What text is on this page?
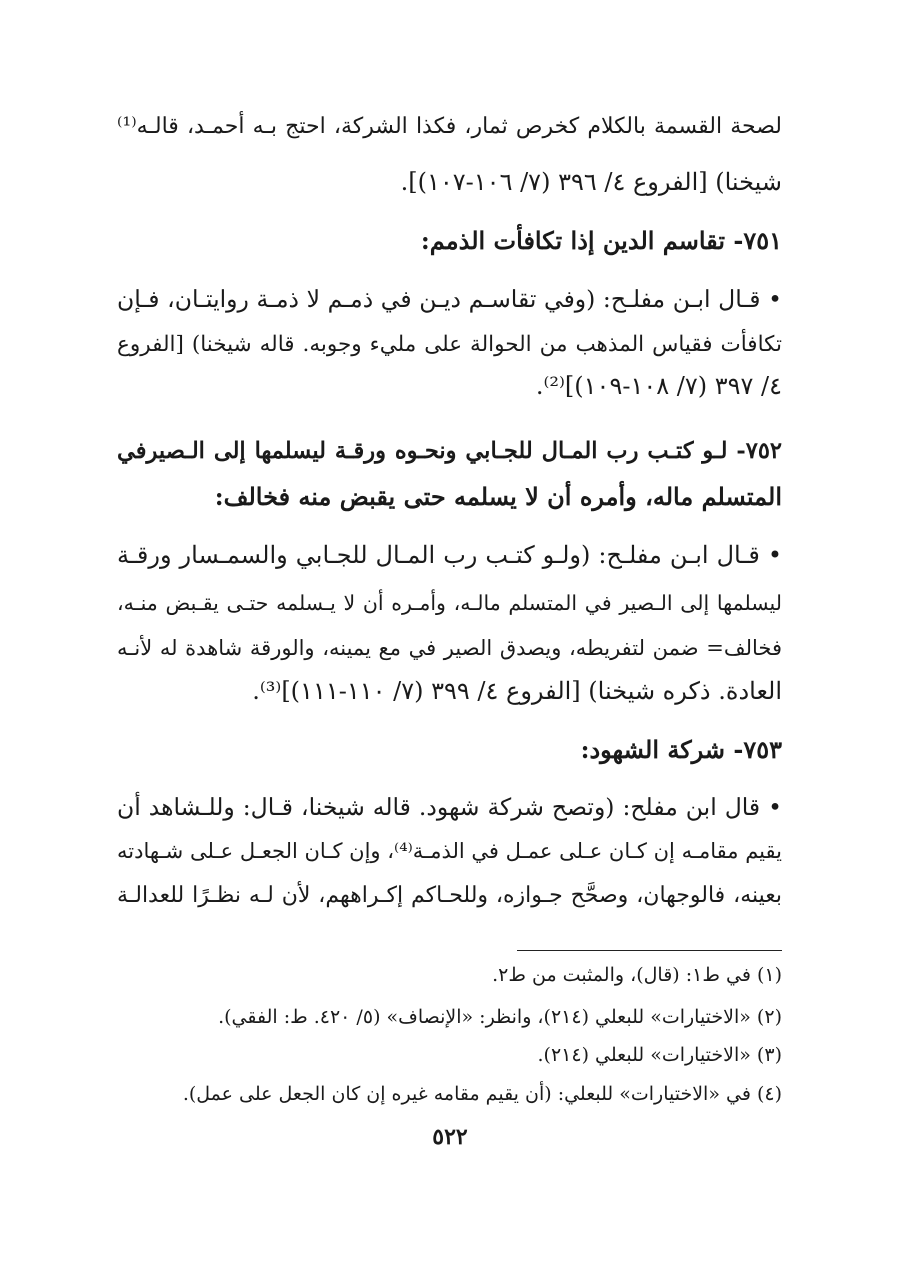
لصحة القسمة بالكلام كخرص ثمار، فكذا الشركة، احتج بـه أحمـد، قالـه⁽¹⁾
شيخنا) [الفروع ٤/ ٣٩٦ (٧/ ١٠٦-١٠٧)].
٧٥١- تقاسم الدين إذا تكافأت الذمم:
• قـال ابـن مفلـح: (وفي تقاسـم ديـن في ذمـم لا ذمـة روايتـان، فـإن
تكافأت فقياس المذهب من الحوالة على مليء وجوبه. قاله شيخنا) [الفروع
٤/ ٣٩٧ (٧/ ١٠٨-١٠٩)]⁽²⁾.
٧٥٢- لـو كتـب رب المـال للجـابي ونحـوه ورقـة ليسلمها إلى الـصيرفي
المتسلم ماله، وأمره أن لا يسلمه حتى يقبض منه فخالف:
• قـال ابـن مفلـح: (ولـو كتـب رب المـال للجـابي والسمـسار ورقـة
ليسلمها إلى الـصير في المتسلم مالـه، وأمـره أن لا يـسلمه حتـى يقـبض منـه،
فخالف= ضمن لتفريطه، ويصدق الصير في مع يمينه، والورقة شاهدة له لأنـه
العادة. ذكره شيخنا) [الفروع ٤/ ٣٩٩ (٧/ ١١٠-١١١)]⁽³⁾.
٧٥٣- شركة الشهود:
• قال ابن مفلح: (وتصح شركة شهود. قاله شيخنا، قـال: وللـشاهد أن
يقيم مقامـه إن كـان عـلى عمـل في الذمـة⁽⁴⁾، وإن كـان الجعـل عـلى شـهادته
بعينه، فالوجهان، وصحَّح جـوازه، وللحـاكم إكـراههم، لأن لـه نظـرًا للعدالـة
(١) في ط١: (قال)، والمثبت من ط٢.
(٢) «الاختيارات» للبعلي (٢١٤)، وانظر: «الإنصاف» (٥/ ٤٢٠. ط: الفقي).
(٣) «الاختيارات» للبعلي (٢١٤).
(٤) في «الاختيارات» للبعلي: (أن يقيم مقامه غيره إن كان الجعل على عمل).
٥٢٢
